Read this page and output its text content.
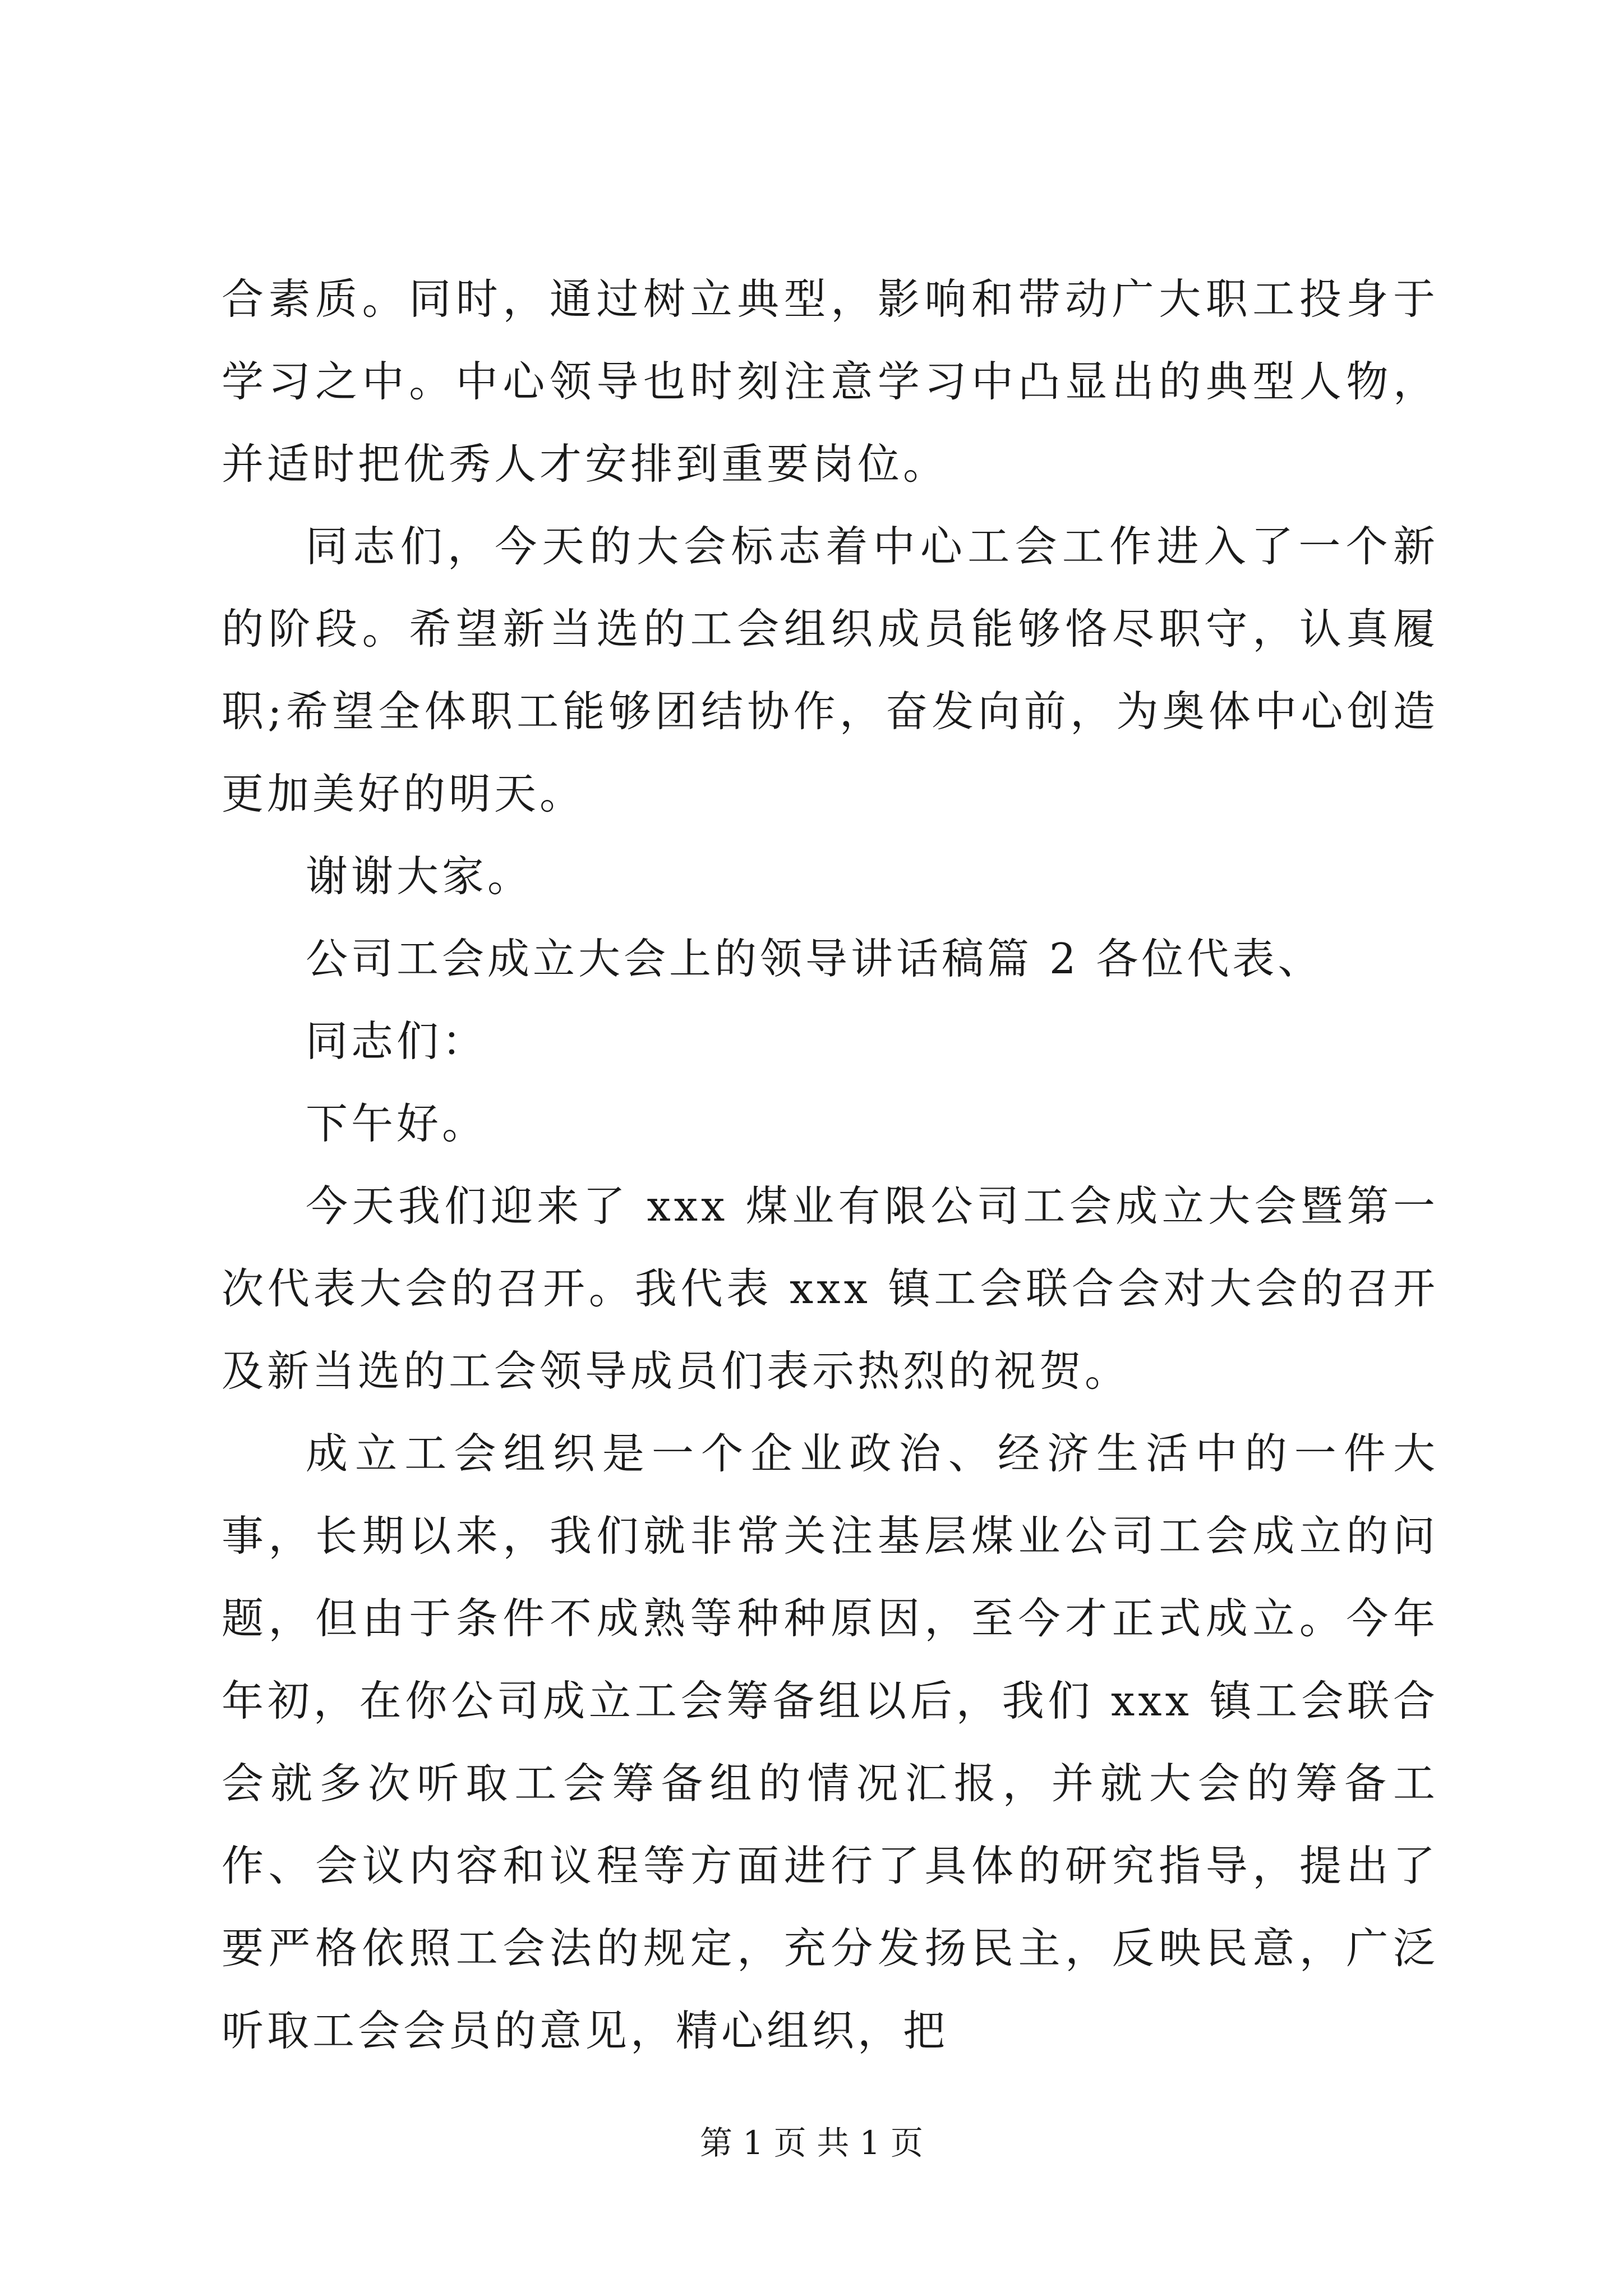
合素质。同时，通过树立典型，影响和带动广大职工投身于学习之中。中心领导也时刻注意学习中凸显出的典型人物，并适时把优秀人才安排到重要岗位。

同志们，今天的大会标志着中心工会工作进入了一个新的阶段。希望新当选的工会组织成员能够恪尽职守，认真履职;希望全体职工能够团结协作，奋发向前，为奥体中心创造更加美好的明天。

谢谢大家。

公司工会成立大会上的领导讲话稿篇 2 各位代表、

同志们：

下午好。

今天我们迎来了 xxx 煤业有限公司工会成立大会暨第一次代表大会的召开。我代表 xxx 镇工会联合会对大会的召开及新当选的工会领导成员们表示热烈的祝贺。

成立工会组织是一个企业政治、经济生活中的一件大事，长期以来，我们就非常关注基层煤业公司工会成立的问题，但由于条件不成熟等种种原因，至今才正式成立。今年年初，在你公司成立工会筹备组以后，我们 xxx 镇工会联合会就多次听取工会筹备组的情况汇报，并就大会的筹备工作、会议内容和议程等方面进行了具体的研究指导，提出了要严格依照工会法的规定，充分发扬民主，反映民意，广泛听取工会会员的意见，精心组织，把

第 1 页 共 1 页
